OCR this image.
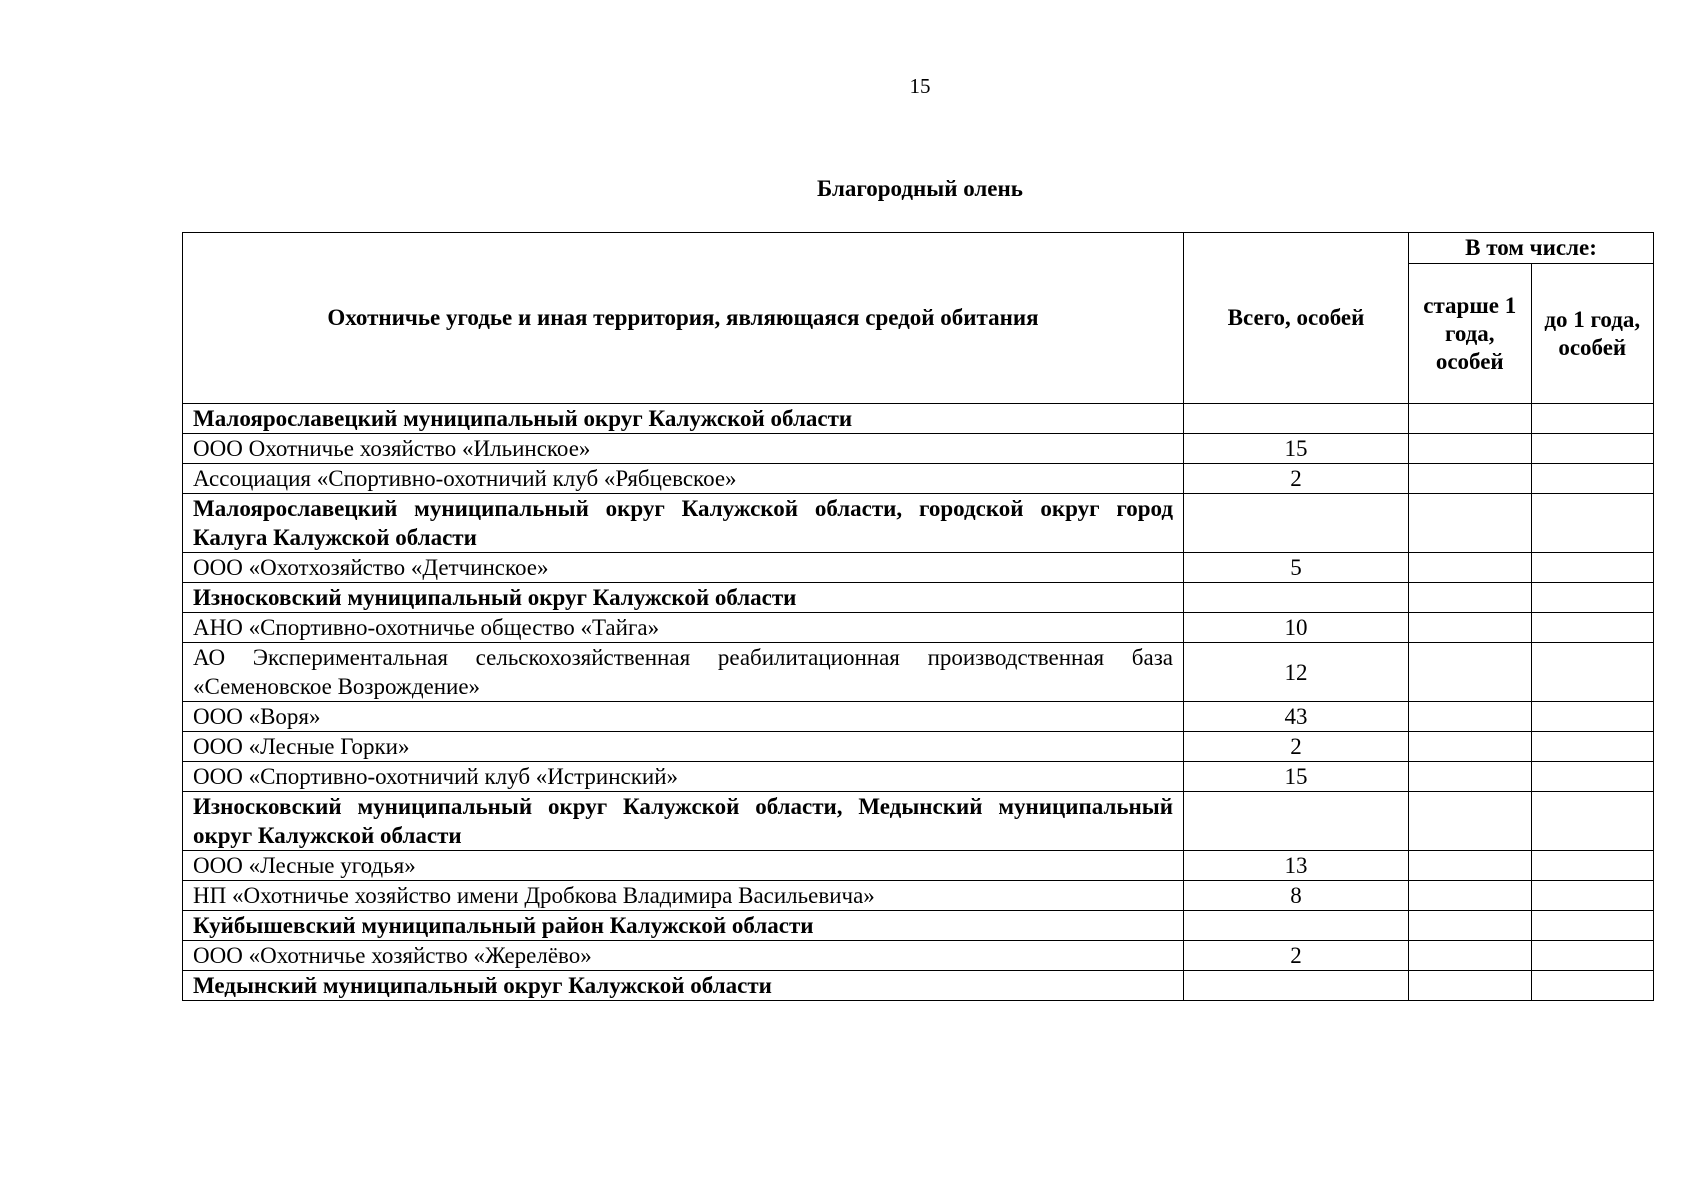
15
Благородный олень
Охотничье угодье и иная территория, являющаяся средой обитания	Всего, особей	В том числе:	
		старше 1 года, особей	до 1 года, особей
Малоярославецкий муниципальный округ Калужской области			
ООО Охотничье хозяйство «Ильинское»	15		
Ассоциация «Спортивно-охотничий клуб «Рябцевское»	2		
Малоярославецкий муниципальный округ Калужской области, городской округ город Калуга Калужской области			
ООО «Охотхозяйство «Детчинское»	5		
Износковский муниципальный округ Калужской области			
АНО «Спортивно-охотничье общество «Тайга»	10		
АО Экспериментальная сельскохозяйственная реабилитационная производственная база «Семеновское Возрождение»	12		
ООО «Воря»	43		
ООО «Лесные Горки»	2		
ООО «Спортивно-охотничий клуб «Истринский»	15		
Износковский муниципальный округ Калужской области, Медынский муниципальный округ Калужской области			
ООО «Лесные угодья»	13		
НП «Охотничье хозяйство имени Дробкова Владимира Васильевича»	8		
Куйбышевский муниципальный район Калужской области			
ООО «Охотничье хозяйство «Жерелёво»	2		
Медынский муниципальный округ Калужской области			
